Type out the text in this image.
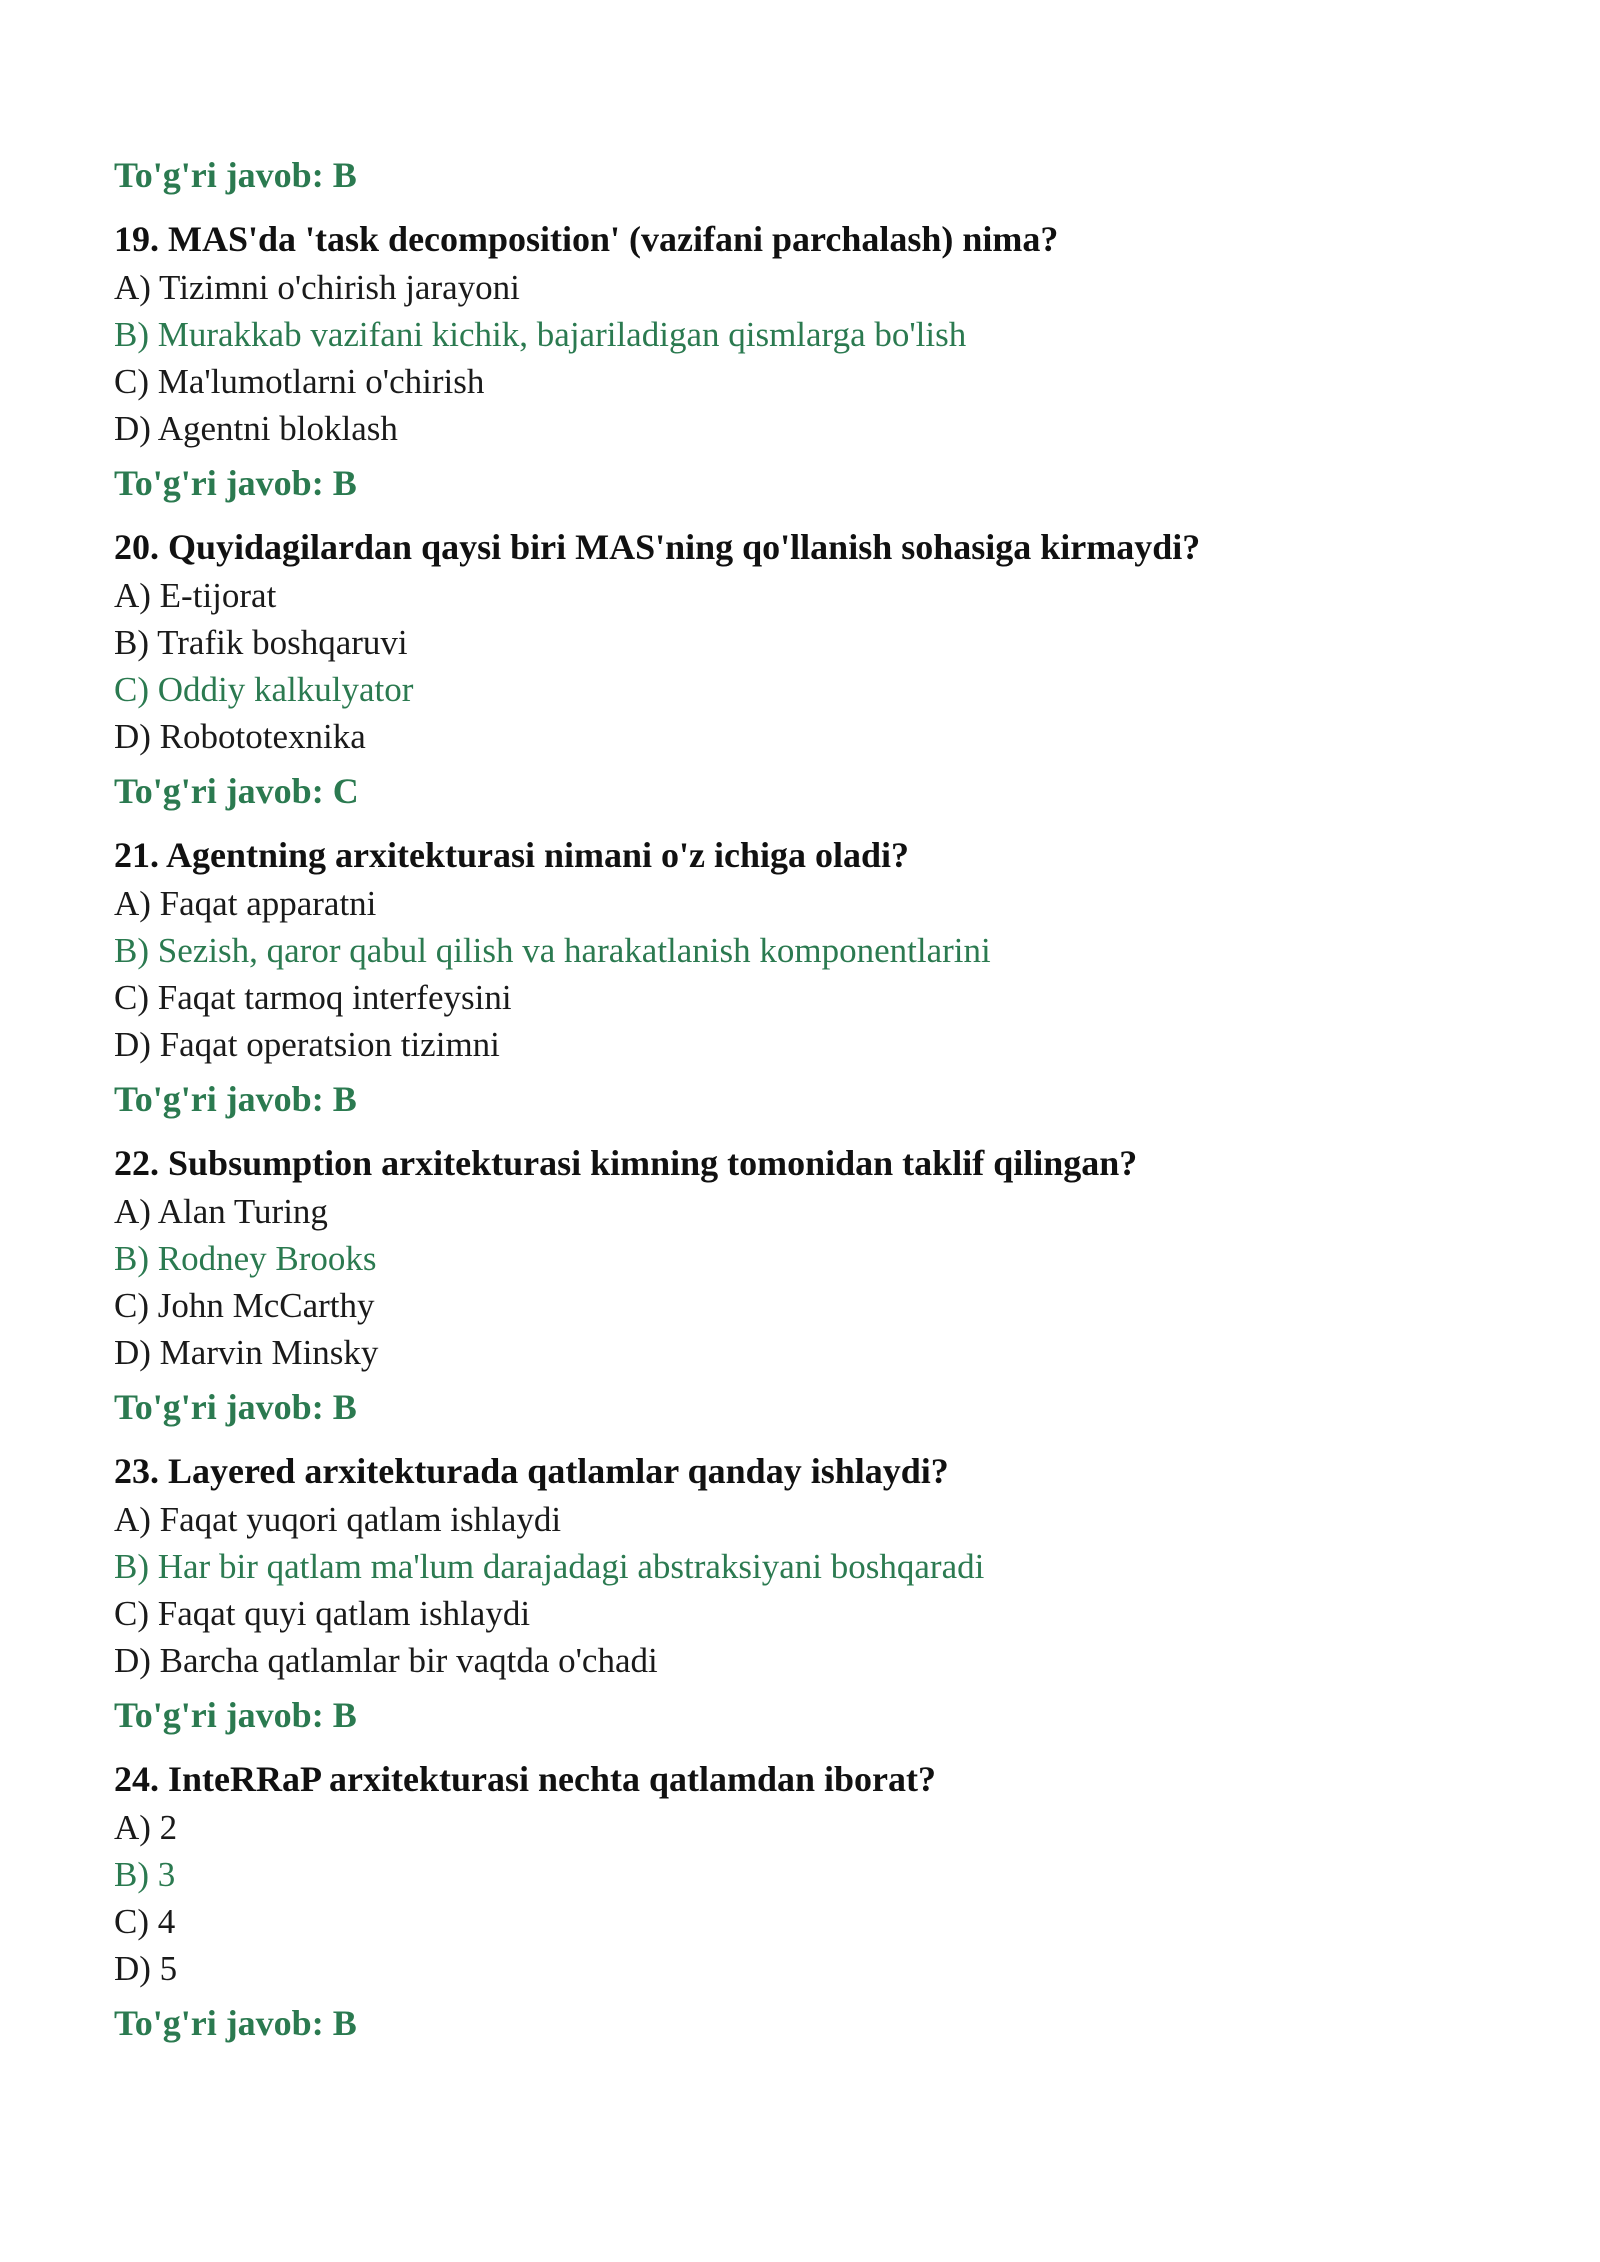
To'g'ri javob: B
19. MAS'da 'task decomposition' (vazifani parchalash) nima?
A) Tizimni o'chirish jarayoni
B) Murakkab vazifani kichik, bajariladigan qismlarga bo'lish
C) Ma'lumotlarni o'chirish
D) Agentni bloklash
To'g'ri javob: B
20. Quyidagilardan qaysi biri MAS'ning qo'llanish sohasiga kirmaydi?
A) E-tijorat
B) Trafik boshqaruvi
C) Oddiy kalkulyator
D) Robototexnika
To'g'ri javob: C
21. Agentning arxitekturasi nimani o'z ichiga oladi?
A) Faqat apparatni
B) Sezish, qaror qabul qilish va harakatlanish komponentlarini
C) Faqat tarmoq interfeysini
D) Faqat operatsion tizimni
To'g'ri javob: B
22. Subsumption arxitekturasi kimning tomonidan taklif qilingan?
A) Alan Turing
B) Rodney Brooks
C) John McCarthy
D) Marvin Minsky
To'g'ri javob: B
23. Layered arxitekturada qatlamlar qanday ishlaydi?
A) Faqat yuqori qatlam ishlaydi
B) Har bir qatlam ma'lum darajadagi abstraksiyani boshqaradi
C) Faqat quyi qatlam ishlaydi
D) Barcha qatlamlar bir vaqtda o'chadi
To'g'ri javob: B
24. InteRRaP arxitekturasi nechta qatlamdan iborat?
A) 2
B) 3
C) 4
D) 5
To'g'ri javob: B
